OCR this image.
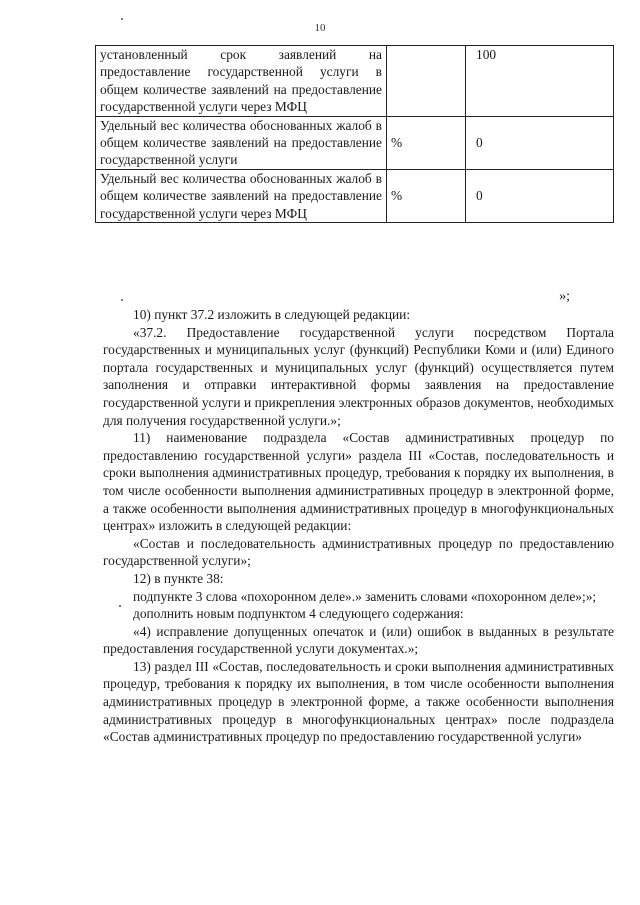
10
установленный срок заявлений на предоставление государственной услуги в общем количестве заявлений на предоставление государственной услуги через МФЦ		100
Удельный вес количества обоснованных жалоб в общем количестве заявлений на предоставление государственной услуги	%	0
Удельный вес количества обоснованных жалоб в общем количестве заявлений на предоставление государственной услуги через МФЦ	%	0
»;

10) пункт 37.2 изложить в следующей редакции:

«37.2. Предоставление государственной услуги посредством Портала государственных и муниципальных услуг (функций) Республики Коми и (или) Единого портала государственных и муниципальных услуг (функций) осуществляется путем заполнения и отправки интерактивной формы заявления на предоставление государственной услуги и прикрепления электронных образов документов, необходимых для получения государственной услуги.»;

11) наименование подраздела «Состав административных процедур по предоставлению государственной услуги» раздела III «Состав, последовательность и сроки выполнения административных процедур, требования к порядку их выполнения, в том числе особенности выполнения административных процедур в электронной форме, а также особенности выполнения административных процедур в многофункциональных центрах» изложить в следующей редакции:

«Состав и последовательность административных процедур по предоставлению государственной услуги»;

12) в пункте 38:

подпункте 3 слова «похоронном деле».» заменить словами «похоронном деле»;»;

дополнить новым подпунктом 4 следующего содержания:

«4) исправление допущенных опечаток и (или) ошибок в выданных в результате предоставления государственной услуги документах.»;

13) раздел III «Состав, последовательность и сроки выполнения административных процедур, требования к порядку их выполнения, в том числе особенности выполнения административных процедур в электронной форме, а также особенности выполнения административных процедур в многофункциональных центрах» после подраздела «Состав административных процедур по предоставлению государственной услуги»
